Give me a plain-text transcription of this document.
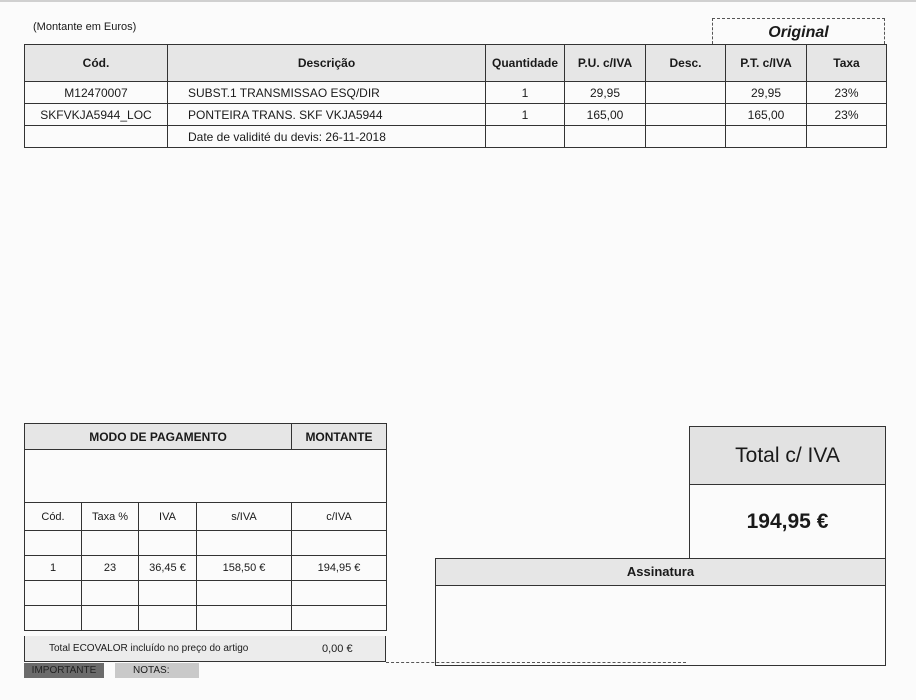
(Montante em Euros)	Original
Cód.	Descrição	Quantidade	P.U. c/IVA	Desc.	P.T. c/IVA	Taxa
M12470007	SUBST.1 TRANSMISSAO ESQ/DIR	1	29,95		29,95	23%
SKFVKJA5944_LOC	PONTEIRA TRANS. SKF VKJA5944	1	165,00		165,00	23%
	Date de validité du devis: 26-11-2018					
MODO DE PAGAMENTO				MONTANTE

Cód.	Taxa %	IVA	s/IVA	c/IVA

1	23	36,45 €	158,50 €	194,95 €

Total ECOVALOR incluído no preço do artigo	0,00 €
IMPORTANTE	NOTAS:
Total c/ IVA
194,95 €
Assinatura
